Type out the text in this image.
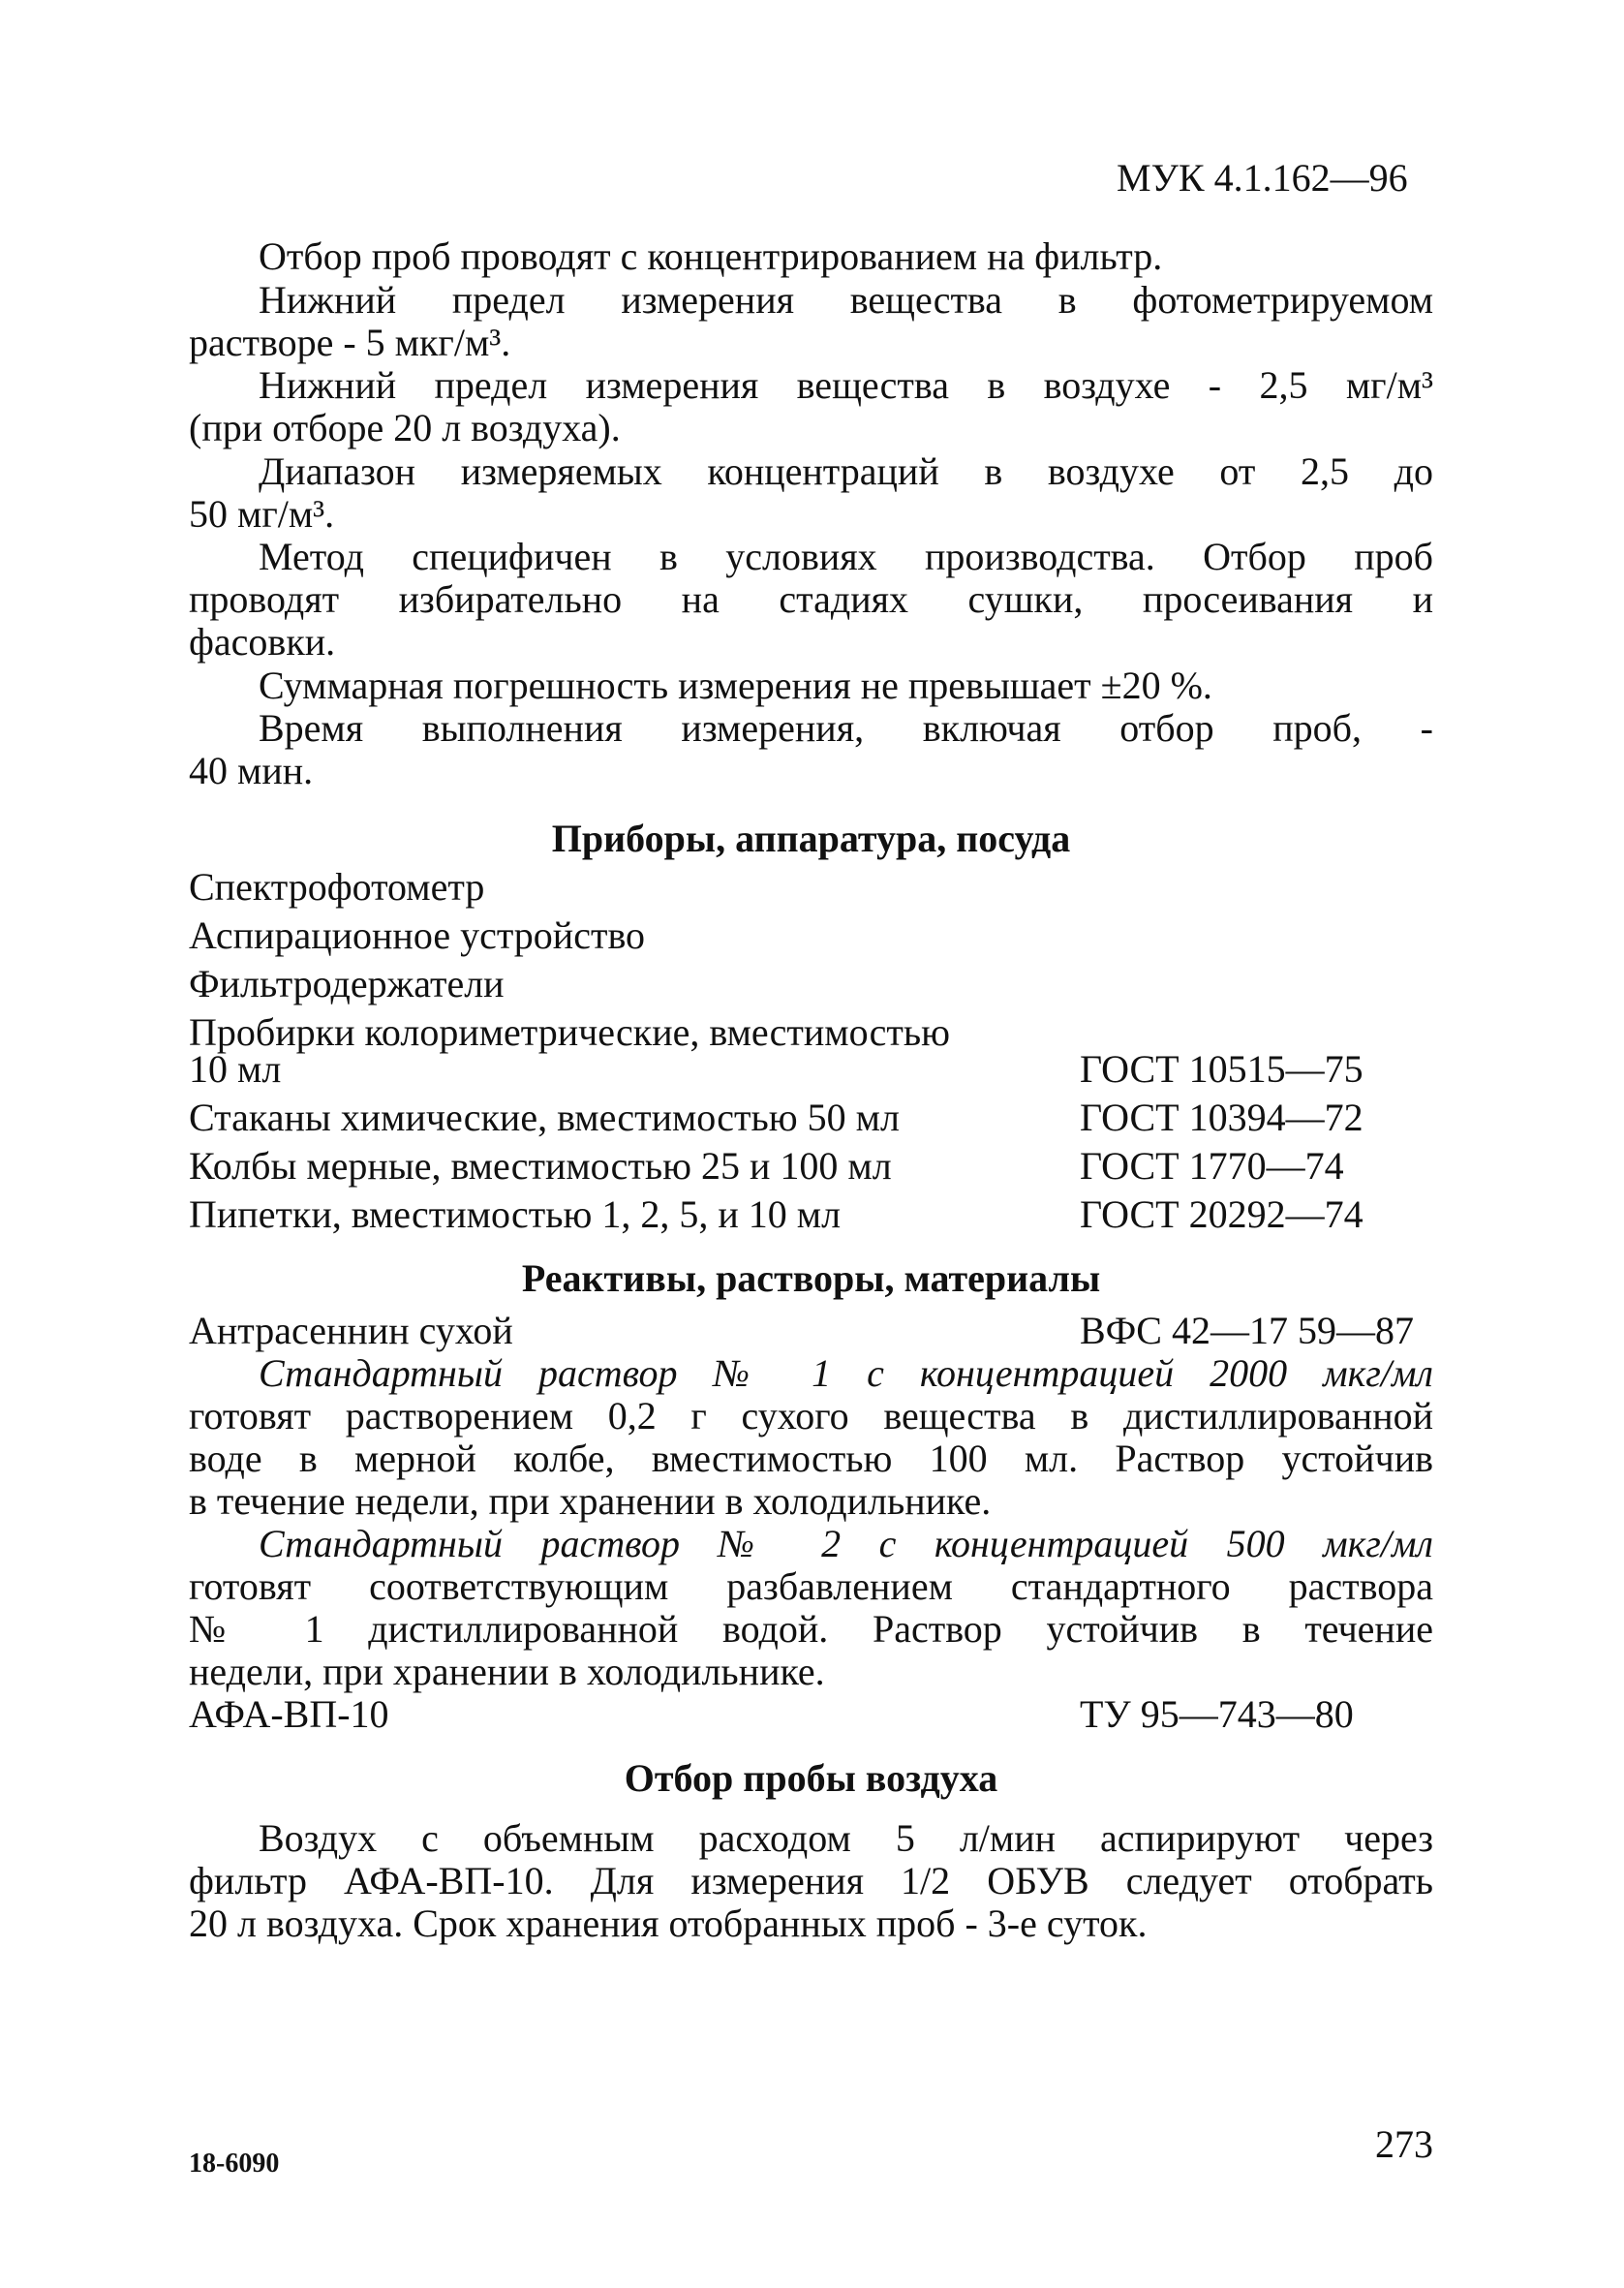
МУК 4.1.162—96
Отбор проб проводят с концентрированием на фильтр.
Нижний предел измерения вещества в фотометрируемом
растворе - 5 мкг/м³.
Нижний предел измерения вещества в воздухе - 2,5 мг/м³
(при отборе 20 л воздуха).
Диапазон измеряемых концентраций в воздухе от 2,5 до
50 мг/м³.
Метод специфичен в условиях производства. Отбор проб
проводят избирательно на стадиях сушки, просеивания и
фасовки.
Суммарная погрешность измерения не превышает ±20 %.
Время выполнения измерения, включая отбор проб, -
40 мин.
Приборы, аппаратура, посуда
Спектрофотометр
Аспирационное устройство
Фильтродержатели
Пробирки колориметрические, вместимостью
10 мл	ГОСТ 10515—75
Стаканы химические, вместимостью 50 мл	ГОСТ 10394—72
Колбы мерные, вместимостью 25 и 100 мл	ГОСТ 1770—74
Пипетки, вместимостью 1, 2, 5, и 10 мл	ГОСТ 20292—74
Реактивы, растворы, материалы
Антрасеннин сухой	ВФС 42—17 59—87
Стандартный раствор № 1 с концентрацией 2000 мкг/мл
готовят растворением 0,2 г сухого вещества в дистиллированной
воде в мерной колбе, вместимостью 100 мл. Раствор устойчив
в течение недели, при хранении в холодильнике.
Стандартный раствор № 2 с концентрацией 500 мкг/мл
готовят соответствующим разбавлением стандартного раствора
№ 1 дистиллированной водой. Раствор устойчив в течение
недели, при хранении в холодильнике.
АФА-ВП-10	ТУ 95—743—80
Отбор пробы воздуха
Воздух с объемным расходом 5 л/мин аспирируют через
фильтр АФА-ВП-10. Для измерения 1/2 ОБУВ следует отобрать
20 л воздуха. Срок хранения отобранных проб - 3-е суток.
18-6090	273
